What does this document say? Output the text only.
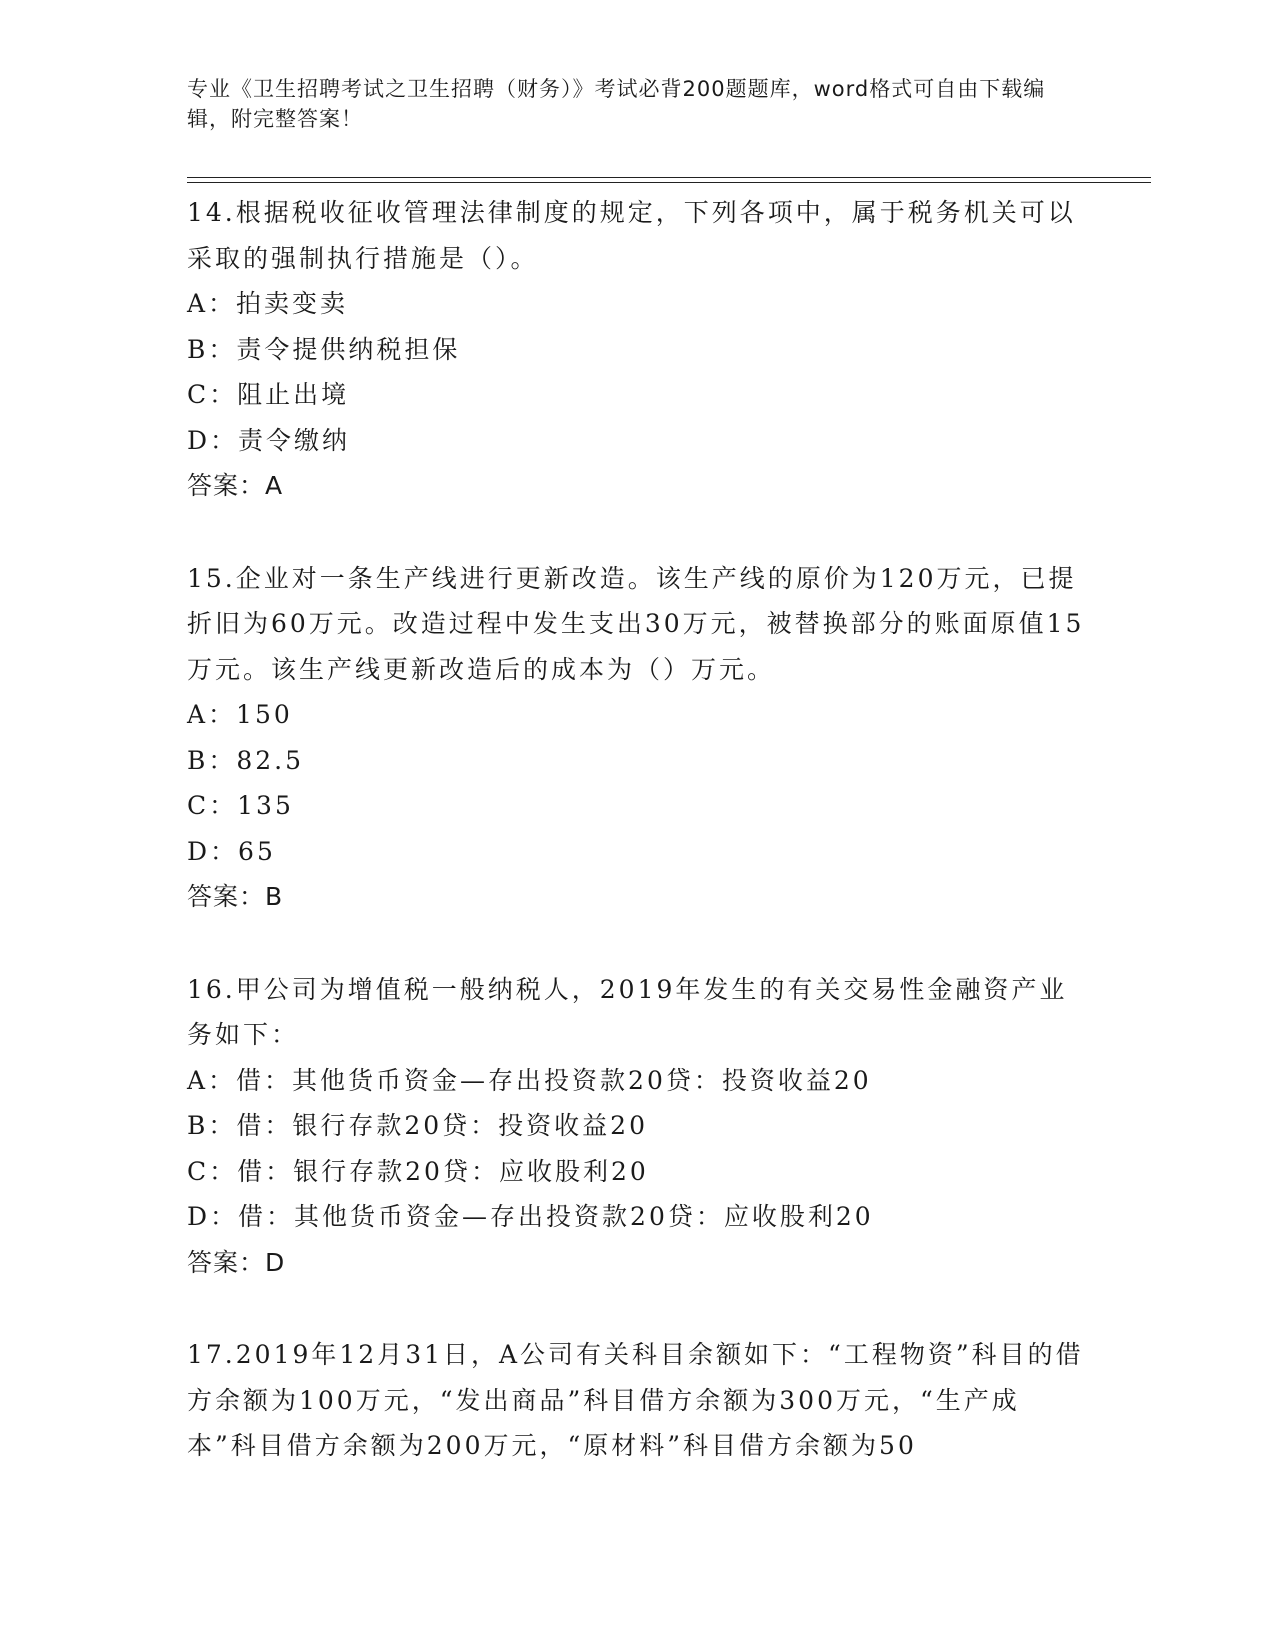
专业《卫生招聘考试之卫生招聘（财务）》考试必背200题题库，word格式可自由下载编辑，附完整答案！

14.根据税收征收管理法律制度的规定，下列各项中，属于税务机关可以采取的强制执行措施是（）。

A：拍卖变卖

B：责令提供纳税担保

C：阻止出境

D：责令缴纳

答案：A

15.企业对一条生产线进行更新改造。该生产线的原价为120万元，已提折旧为60万元。改造过程中发生支出30万元，被替换部分的账面原值15万元。该生产线更新改造后的成本为（）万元。

A：150

B：82.5

C：135

D：65

答案：B

16.甲公司为增值税一般纳税人，2019年发生的有关交易性金融资产业务如下：

A：借：其他货币资金—存出投资款20贷：投资收益20

B：借：银行存款20贷：投资收益20

C：借：银行存款20贷：应收股利20

D：借：其他货币资金—存出投资款20贷：应收股利20

答案：D

17.2019年12月31日，A公司有关科目余额如下：“工程物资”科目的借方余额为100万元，“发出商品”科目借方余额为300万元，“生产成本”科目借方余额为200万元，“原材料”科目借方余额为50
